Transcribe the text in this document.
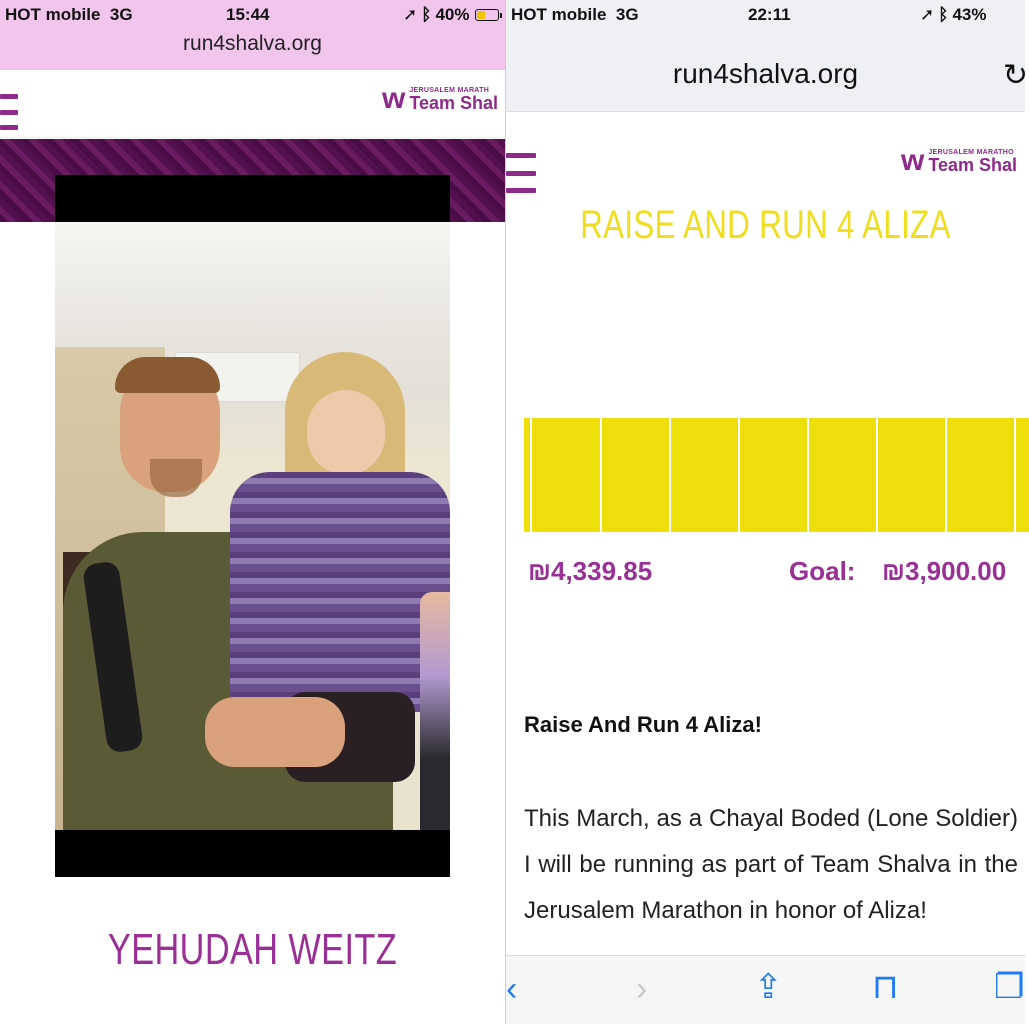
HOT mobile 3G	15:44	➚ ᛒ 40%
run4shalva.org
ᴡ JERUSALEM MARATH
Team Shal
YEHUDAH WEITZ
HOT mobile 3G	22:11	➚ ᛒ 43%
run4shalva.org	↻
ᴡ JERUSALEM MARATHO
Team Shal
RAISE AND RUN 4 ALIZA
₪4,339.85	Goal: ₪3,900.00
Raise And Run 4 Aliza!
This March, as a Chayal Boded (Lone Soldier) I will be running as part of Team Shalva in the Jerusalem Marathon in honor of Aliza!
‹	›	⇪	⊓	❐
